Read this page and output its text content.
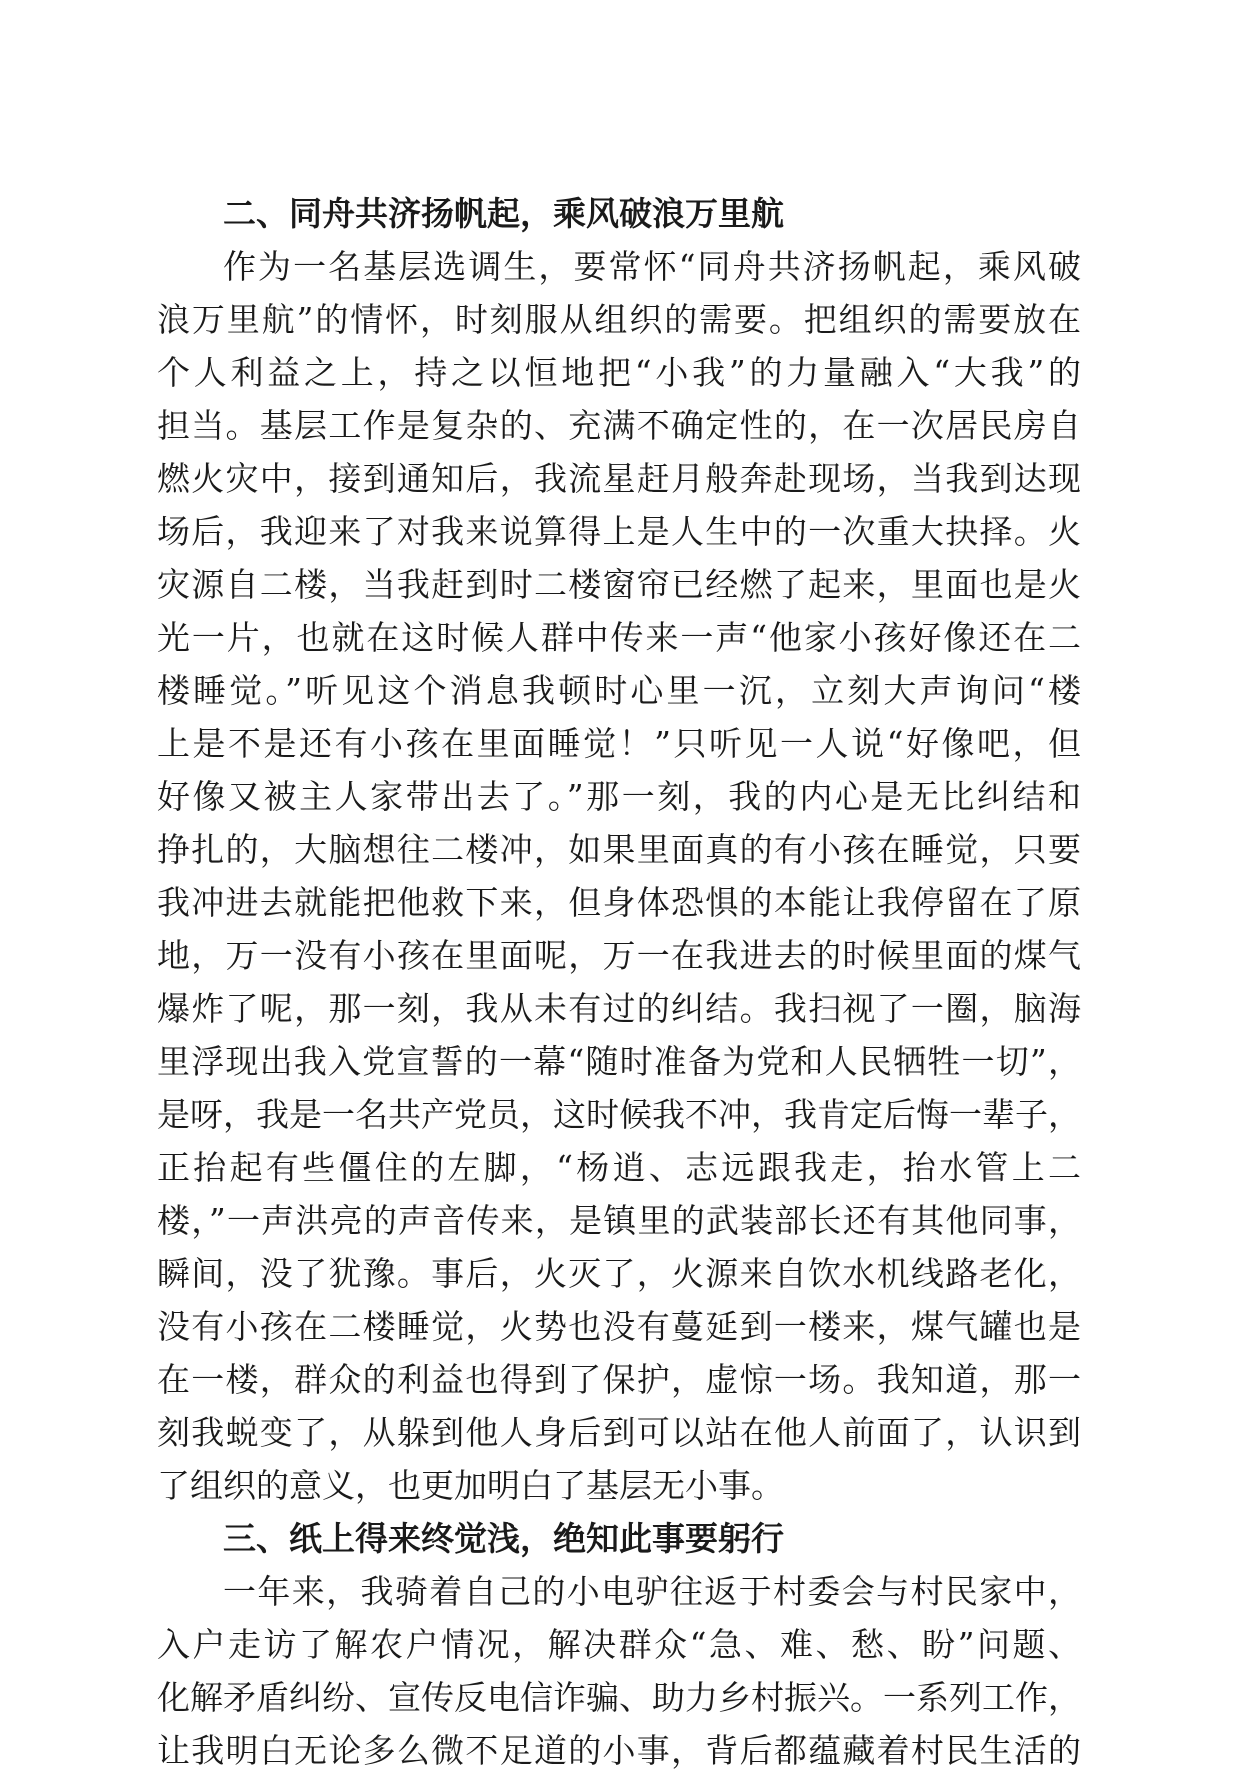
二、同舟共济扬帆起，乘风破浪万里航
作为一名基层选调生，要常怀“同舟共济扬帆起，乘风破
浪万里航”的情怀，时刻服从组织的需要。把组织的需要放在
个人利益之上，持之以恒地把“小我”的力量融入“大我”的
担当。基层工作是复杂的、充满不确定性的，在一次居民房自
燃火灾中，接到通知后，我流星赶月般奔赴现场，当我到达现
场后，我迎来了对我来说算得上是人生中的一次重大抉择。火
灾源自二楼，当我赶到时二楼窗帘已经燃了起来，里面也是火
光一片，也就在这时候人群中传来一声“他家小孩好像还在二
楼睡觉。”听见这个消息我顿时心里一沉，立刻大声询问“楼
上是不是还有小孩在里面睡觉！”只听见一人说“好像吧，但
好像又被主人家带出去了。”那一刻，我的内心是无比纠结和
挣扎的，大脑想往二楼冲，如果里面真的有小孩在睡觉，只要
我冲进去就能把他救下来，但身体恐惧的本能让我停留在了原
地，万一没有小孩在里面呢，万一在我进去的时候里面的煤气
爆炸了呢，那一刻，我从未有过的纠结。我扫视了一圈，脑海
里浮现出我入党宣誓的一幕“随时准备为党和人民牺牲一切”，
是呀，我是一名共产党员，这时候我不冲，我肯定后悔一辈子，
正抬起有些僵住的左脚，“杨逍、志远跟我走，抬水管上二
楼，”一声洪亮的声音传来，是镇里的武装部长还有其他同事，
瞬间，没了犹豫。事后，火灭了，火源来自饮水机线路老化，
没有小孩在二楼睡觉，火势也没有蔓延到一楼来，煤气罐也是
在一楼，群众的利益也得到了保护，虚惊一场。我知道，那一
刻我蜕变了，从躲到他人身后到可以站在他人前面了，认识到
了组织的意义，也更加明白了基层无小事。
三、纸上得来终觉浅，绝知此事要躬行
一年来，我骑着自己的小电驴往返于村委会与村民家中，
入户走访了解农户情况，解决群众“急、难、愁、盼”问题、
化解矛盾纠纷、宣传反电信诈骗、助力乡村振兴。一系列工作，
让我明白无论多么微不足道的小事，背后都蕴藏着村民生活的
